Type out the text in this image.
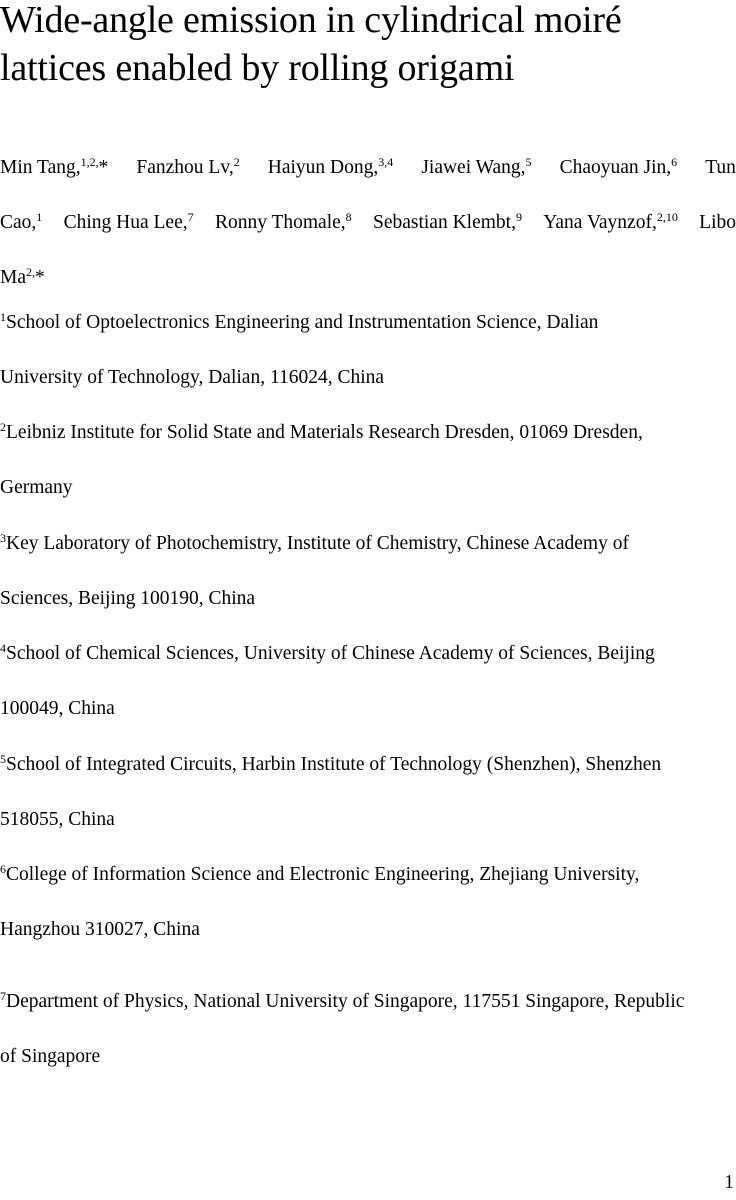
Wide-angle emission in cylindrical moiré
lattices enabled by rolling origami
Min Tang,$^{1,2,}$* Fanzhou Lv,$^2$ Haiyun Dong,$^{3,4}$ Jiawei Wang,$^5$ Chaoyuan Jin,$^6$ Tun
Cao,$^1$ Ching Hua Lee,$^7$ Ronny Thomale,$^8$ Sebastian Klembt,$^9$ Yana Vaynzof,$^{2,10}$ Libo
$Ma^{2,}*$
$^1$School of Optoelectronics Engineering and Instrumentation Science, Dalian
University of Technology, Dalian, 116024, China
$^2$Leibniz Institute for Solid State and Materials Research Dresden, 01069 Dresden,
Germany
$^3$Key Laboratory of Photochemistry, Institute of Chemistry, Chinese Academy of
Sciences, Beijing 100190, China
$^4$School of Chemical Sciences, University of Chinese Academy of Sciences, Beijing
100049, China
$^5$School of Integrated Circuits, Harbin Institute of Technology (Shenzhen), Shenzhen
518055, China
$^6$College of Information Science and Electronic Engineering, Zhejiang University,
Hangzhou 310027, China
$^7$Department of Physics, National University of Singapore, 117551 Singapore, Republic
of Singapore
1
